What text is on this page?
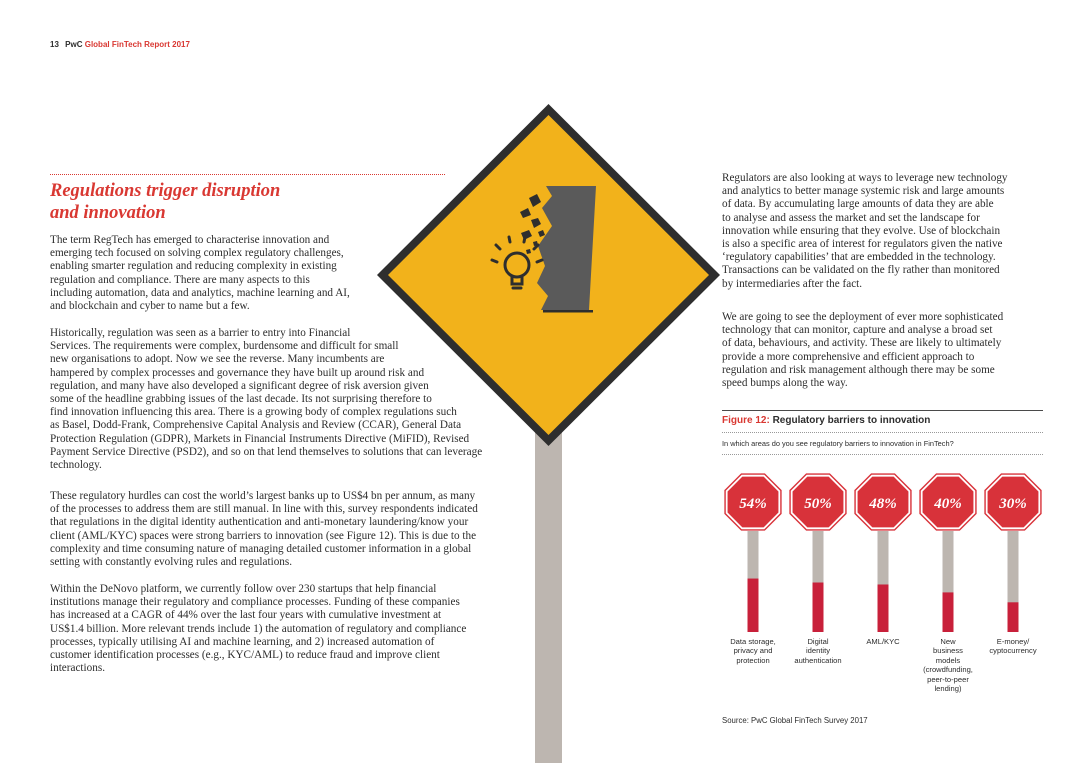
13 PwC Global FinTech Report 2017
Regulations trigger disruption
and innovation

The term RegTech has emerged to characterise innovation and
emerging tech focused on solving complex regulatory challenges,
enabling smarter regulation and reducing complexity in existing
regulation and compliance. There are many aspects to this
including automation, data and analytics, machine learning and AI,
and blockchain and cyber to name but a few.

Historically, regulation was seen as a barrier to entry into Financial
Services. The requirements were complex, burdensome and difficult for small
new organisations to adopt. Now we see the reverse. Many incumbents are
hampered by complex processes and governance they have built up around risk and
regulation, and many have also developed a significant degree of risk aversion given
some of the headline grabbing issues of the last decade. Its not surprising therefore to
find innovation influencing this area. There is a growing body of complex regulations such
as Basel, Dodd-Frank, Comprehensive Capital Analysis and Review (CCAR), General Data
Protection Regulation (GDPR), Markets in Financial Instruments Directive (MiFID), Revised
Payment Service Directive (PSD2), and so on that lend themselves to solutions that can leverage
technology.

These regulatory hurdles can cost the world’s largest banks up to US$4 bn per annum, as many
of the processes to address them are still manual. In line with this, survey respondents indicated
that regulations in the digital identity authentication and anti-monetary laundering/know your
client (AML/KYC) spaces were strong barriers to innovation (see Figure 12). This is due to the
complexity and time consuming nature of managing detailed customer information in a global
setting with constantly evolving rules and regulations.

Within the DeNovo platform, we currently follow over 230 startups that help financial
institutions manage their regulatory and compliance processes. Funding of these companies
has increased at a CAGR of 44% over the last four years with cumulative investment at
US$1.4 billion. More relevant trends include 1) the automation of regulatory and compliance
processes, typically utilising AI and machine learning, and 2) increased automation of
customer identification processes (e.g., KYC/AML) to reduce fraud and improve client
interactions.

Regulators are also looking at ways to leverage new technology
and analytics to better manage systemic risk and large amounts
of data. By accumulating large amounts of data they are able
to analyse and assess the market and set the landscape for
innovation while ensuring that they evolve. Use of blockchain
is also a specific area of interest for regulators given the native
‘regulatory capabilities’ that are embedded in the technology.
Transactions can be validated on the fly rather than monitored
by intermediaries after the fact.

We are going to see the deployment of ever more sophisticated
technology that can monitor, capture and analyse a broad set
of data, behaviours, and activity. These are likely to ultimately
provide a more comprehensive and efficient approach to
regulation and risk management although there may be some
speed bumps along the way.

Figure 12: Regulatory barriers to innovation

In which areas do you see regulatory barriers to innovation in FinTech?

54%	50%	48%	40%	30%
Data storage,
privacy and
protection
Digital
identity
authentication
AML/KYC	New
business
models
(crowdfunding,
peer-to-peer
lending)
E-money/
cyptocurrency

Source: PwC Global FinTech Survey 2017
